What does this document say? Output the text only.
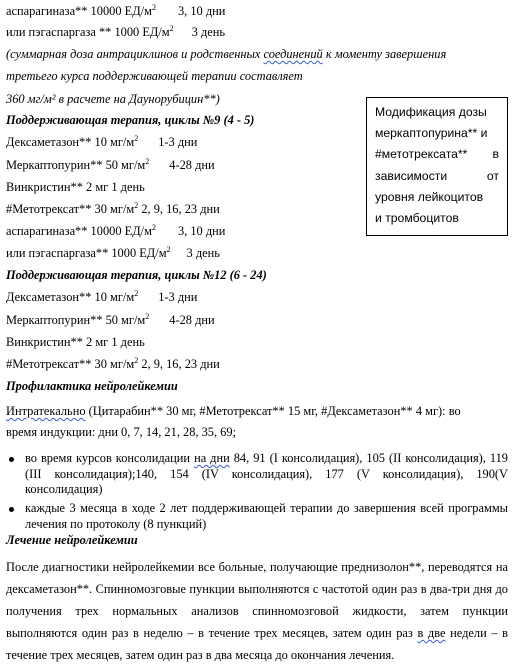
аспарагиназа** 10000 $ЕД/м^2$ 3, 10 дни
или пэгаспаргаза ** 1000 $ЕД/м^2$ 3 день
(суммарная доза антрациклинов и родственных соединений к моменту завершения
третьего курса поддерживающей терапии составляет
360 мг/м² в расчете на Даунорубицин**)
Поддерживающая терапия, циклы №9 (4 - 5)
Дексаметазон** 10 $мг/м^2$ 1-3 дни
Меркаптопурин** 50 $мг/м^2$ 4-28 дни
Винкристин** 2 мг 1 день
#Метотрексат** 30 $мг/м^2$ 2, 9, 16, 23 дни
аспарагиназа** 10000 $ЕД/м^2$ 3, 10 дни
или пэгаспаргаза** 1000 $ЕД/м^2$ 3 день
Поддерживающая терапия, циклы №12 (6 - 24)
Дексаметазон** 10 $мг/м^2$ 1-3 дни
Меркаптопурин** 50 $мг/м^2$ 4-28 дни
Винкристин** 2 мг 1 день
#Метотрексат** 30 $мг/м^2$ 2, 9, 16, 23 дни
Профилактика нейролейкемии
Интратекально (Цитарабин** 30 мг, #Метотрексат** 15 мг, #Дексаметазон** 4 мг): во
время индукции: дни 0, 7, 14, 21, 28, 35, 69;
во время курсов консолидации на дни 84, 91 (I консолидация), 105 (II консолидация), 119 (III консолидация);140, 154 (IV консолидация), 177 (V консолидация), 190(V консолидация)
каждые 3 месяца в ходе 2 лет поддерживающей терапии до завершения всей программы лечения по протоколу (8 пункций)
Лечение нейролейкемии
После диагностики нейролейкемии все больные, получающие преднизолон**, переводятся на дексаметазон**. Спинномозговые пункции выполняются с частотой один раз в два-три дня до получения трех нормальных анализов спинномозговой жидкости, затем пункции выполняются один раз в неделю – в течение трех месяцев, затем один раз в две недели – в течение трех месяцев, затем один раз в два месяца до окончания лечения.
Модификация дозы
меркаптопурина** и
#метотрексата** в
зависимости	от
уровня лейкоцитов
и тромбоцитов
